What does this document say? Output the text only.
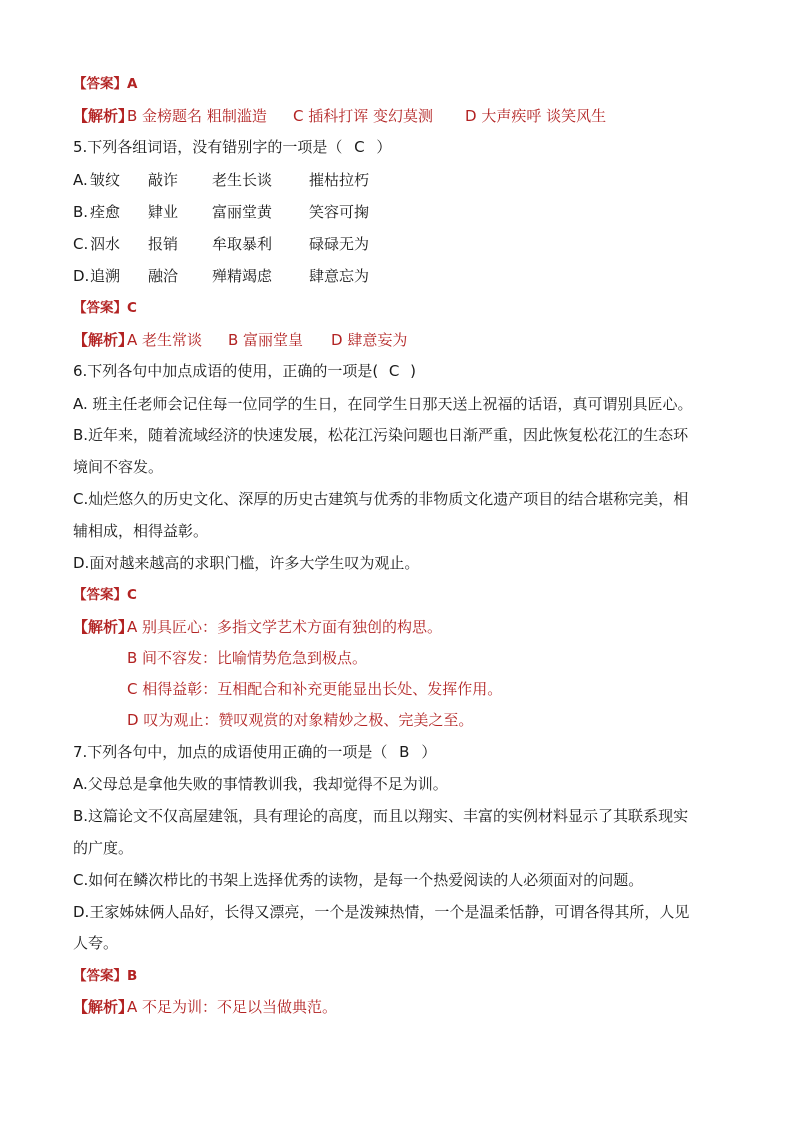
【答案】A
【解析】
B 金榜题名 粗制滥造 C 插科打诨 变幻莫测 D 大声疾呼 谈笑风生
5.下列各组词语，没有错别字的一项是（ C ）
A. 皱纹 敲诈 老生长谈 摧枯拉朽
B. 痊愈 肄业 富丽堂黄 笑容可掬
C. 泅水 报销 牟取暴利 碌碌无为
D. 追溯 融洽 殚精竭虑 肆意忘为
【答案】C
【解析】
A 老生常谈 B 富丽堂皇 D 肆意妄为
6.下列各句中加点成语的使用，正确的一项是( C )
A. 班主任老师会记住每一位同学的生日，在同学生日那天送上祝福的话语，真可谓别具匠心。
B.近年来，随着流域经济的快速发展，松花江污染问题也日渐严重，因此恢复松花江的生态环
境间不容发。
C.灿烂悠久的历史文化、深厚的历史古建筑与优秀的非物质文化遗产项目的结合堪称完美，相
辅相成，相得益彰。
D.面对越来越高的求职门槛，许多大学生叹为观止。
【答案】C
【解析】
A 别具匠心：多指文学艺术方面有独创的构思。
B 间不容发：比喻情势危急到极点。
C 相得益彰：互相配合和补充更能显出长处、发挥作用。
D 叹为观止：赞叹观赏的对象精妙之极、完美之至。
7.下列各句中，加点的成语使用正确的一项是（ B ）
A.父母总是拿他失败的事情教训我，我却觉得不足为训。
B.这篇论文不仅高屋建瓴，具有理论的高度，而且以翔实、丰富的实例材料显示了其联系现实
的广度。
C.如何在鳞次栉比的书架上选择优秀的读物，是每一个热爱阅读的人必须面对的问题。
D.王家姊妹俩人品好，长得又漂亮，一个是泼辣热情，一个是温柔恬静，可谓各得其所，人见
人夸。
【答案】B
【解析】
A 不足为训：不足以当做典范。
